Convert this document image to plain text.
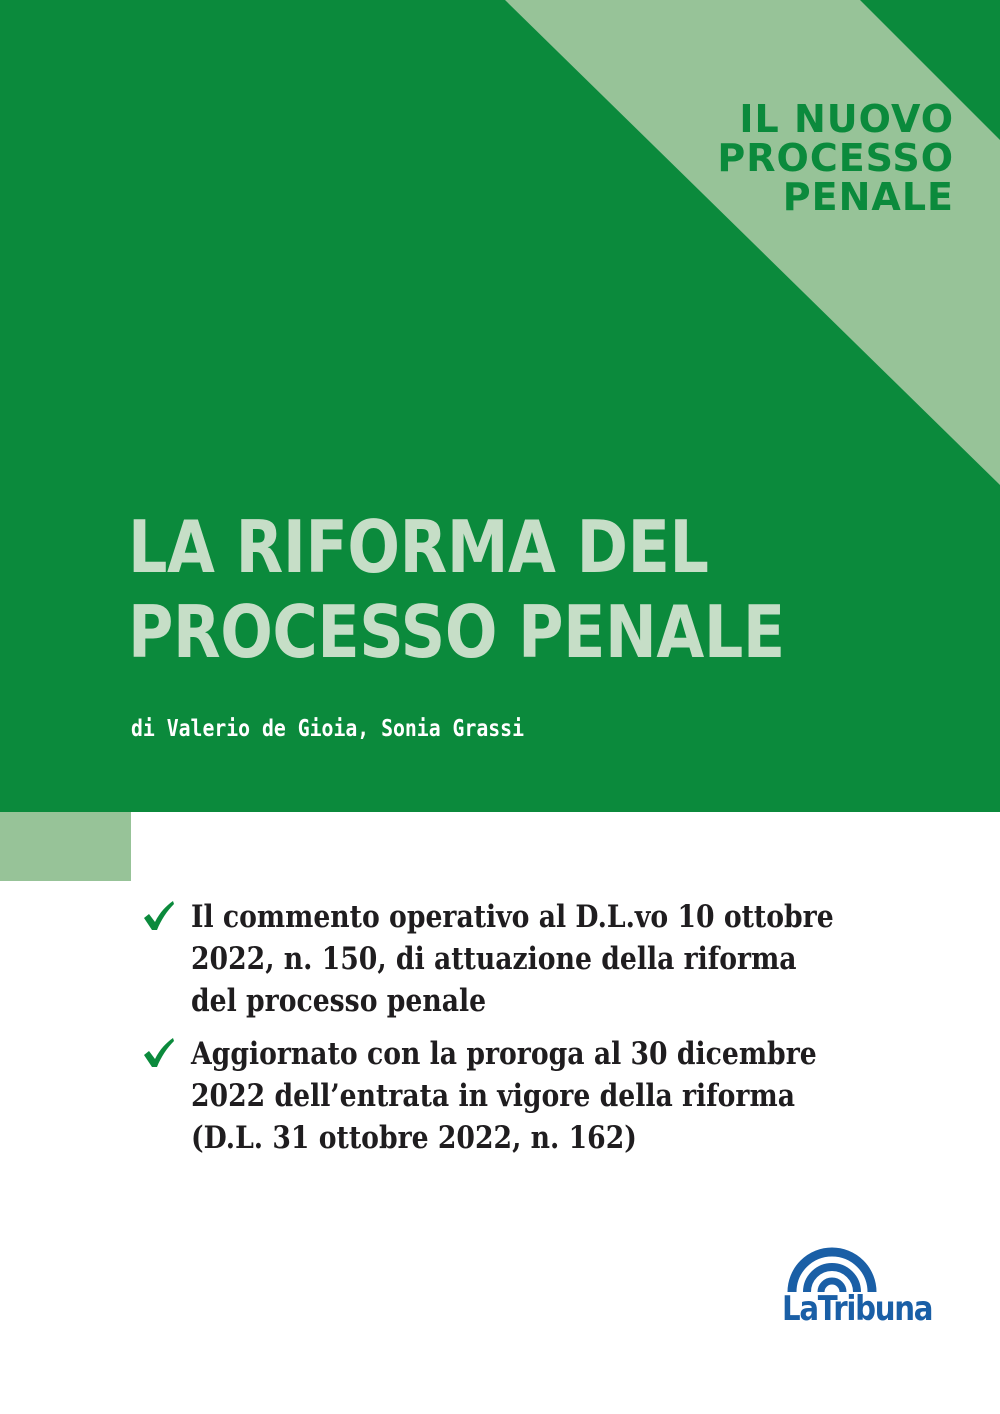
IL NUOVO
PROCESSO
PENALE
LA RIFORMA DEL
PROCESSO PENALE
di Valerio de Gioia, Sonia Grassi
Il commento operativo al D.L.vo 10 ottobre
2022, n. 150, di attuazione della riforma
del processo penale
Aggiornato con la proroga al 30 dicembre
2022 dell’entrata in vigore della riforma
(D.L. 31 ottobre 2022, n. 162)
LaTribuna
